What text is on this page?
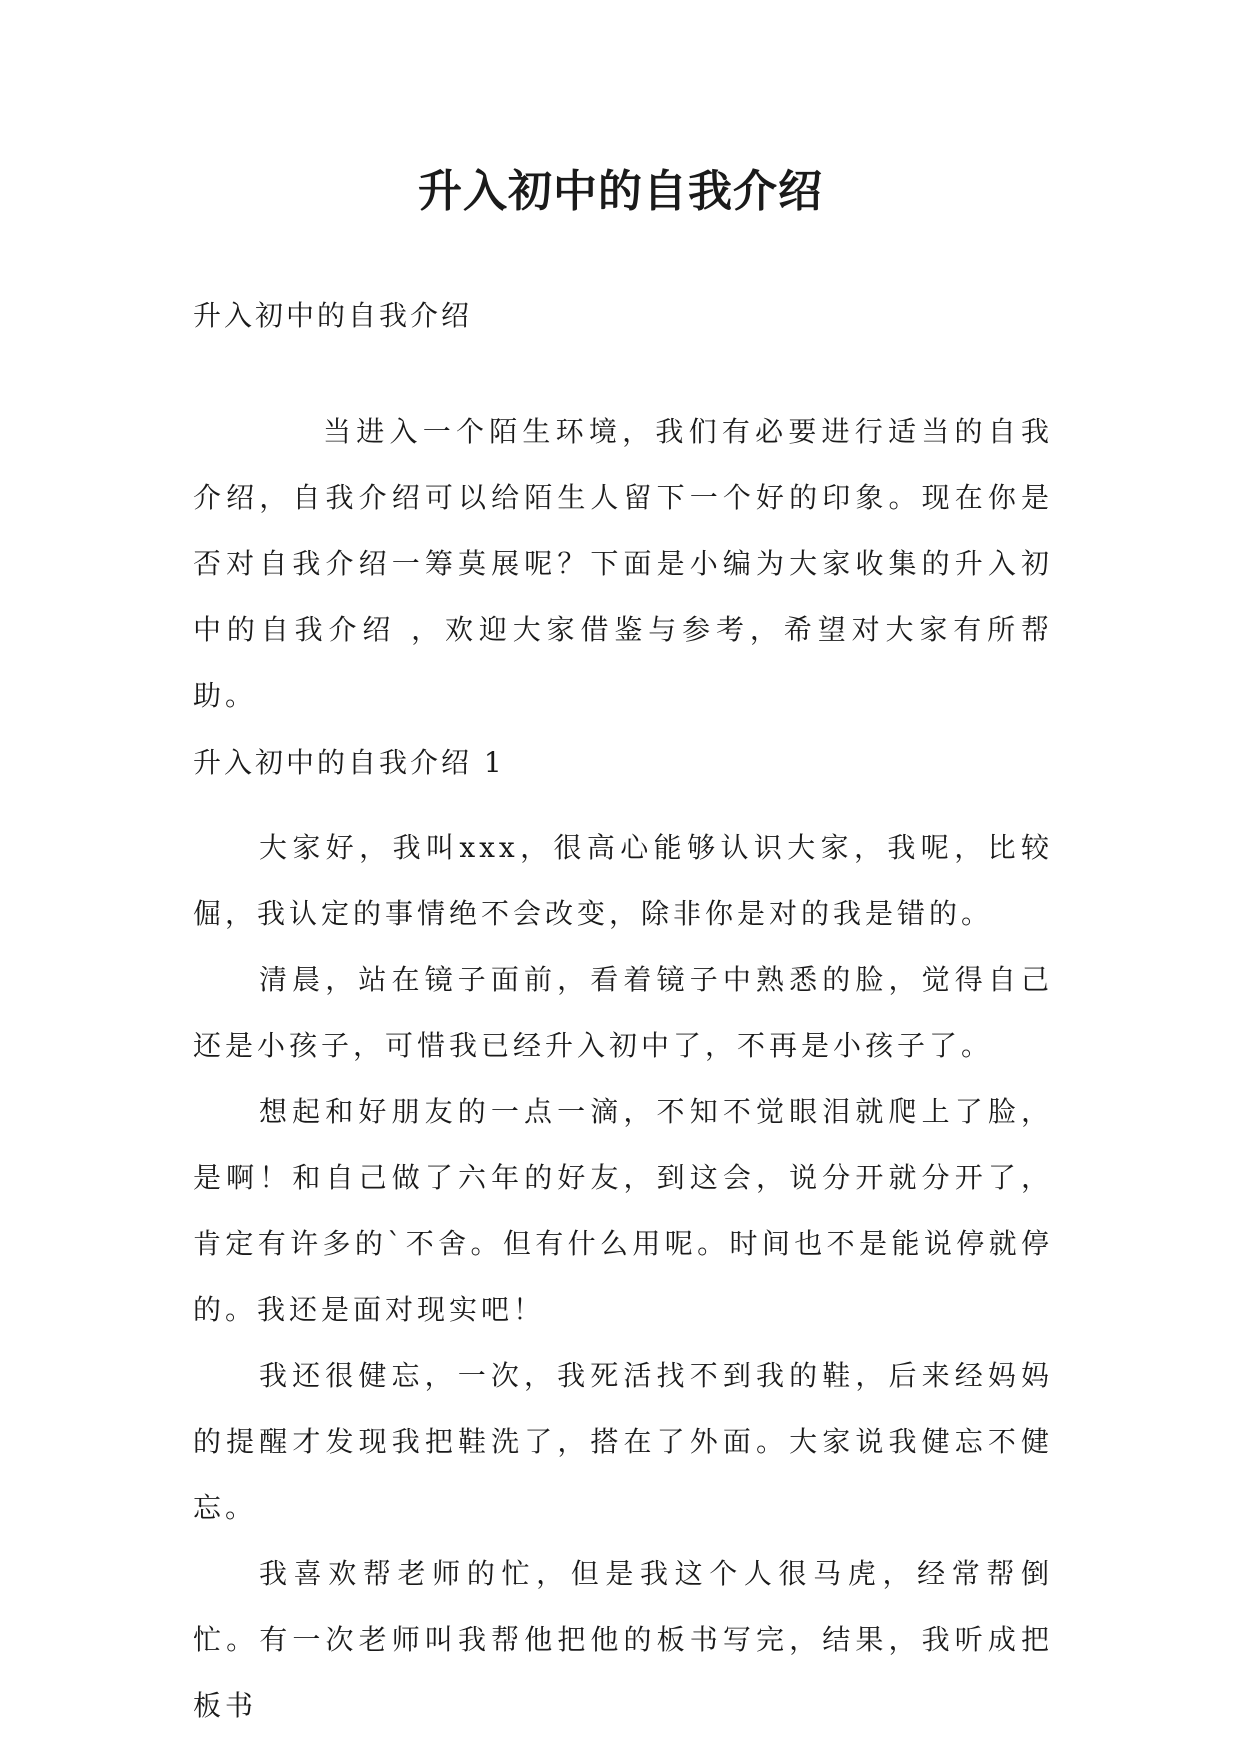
升入初中的自我介绍

升入初中的自我介绍

当进入一个陌生环境，我们有必要进行适当的自我介绍，自我介绍可以给陌生人留下一个好的印象。现在你是否对自我介绍一筹莫展呢？下面是小编为大家收集的升入初中的自我介绍 ，欢迎大家借鉴与参考，希望对大家有所帮助。

升入初中的自我介绍 1

大家好，我叫xxx，很高心能够认识大家，我呢，比较倔，我认定的事情绝不会改变，除非你是对的我是错的。

清晨，站在镜子面前，看着镜子中熟悉的脸，觉得自己还是小孩子，可惜我已经升入初中了，不再是小孩子了。

想起和好朋友的一点一滴，不知不觉眼泪就爬上了脸，是啊！和自己做了六年的好友，到这会，说分开就分开了，肯定有许多的`不舍。但有什么用呢。时间也不是能说停就停的。我还是面对现实吧！

我还很健忘，一次，我死活找不到我的鞋，后来经妈妈的提醒才发现我把鞋洗了，搭在了外面。大家说我健忘不健忘。

我喜欢帮老师的忙，但是我这个人很马虎，经常帮倒忙。有一次老师叫我帮他把他的板书写完，结果，我听成把板书
